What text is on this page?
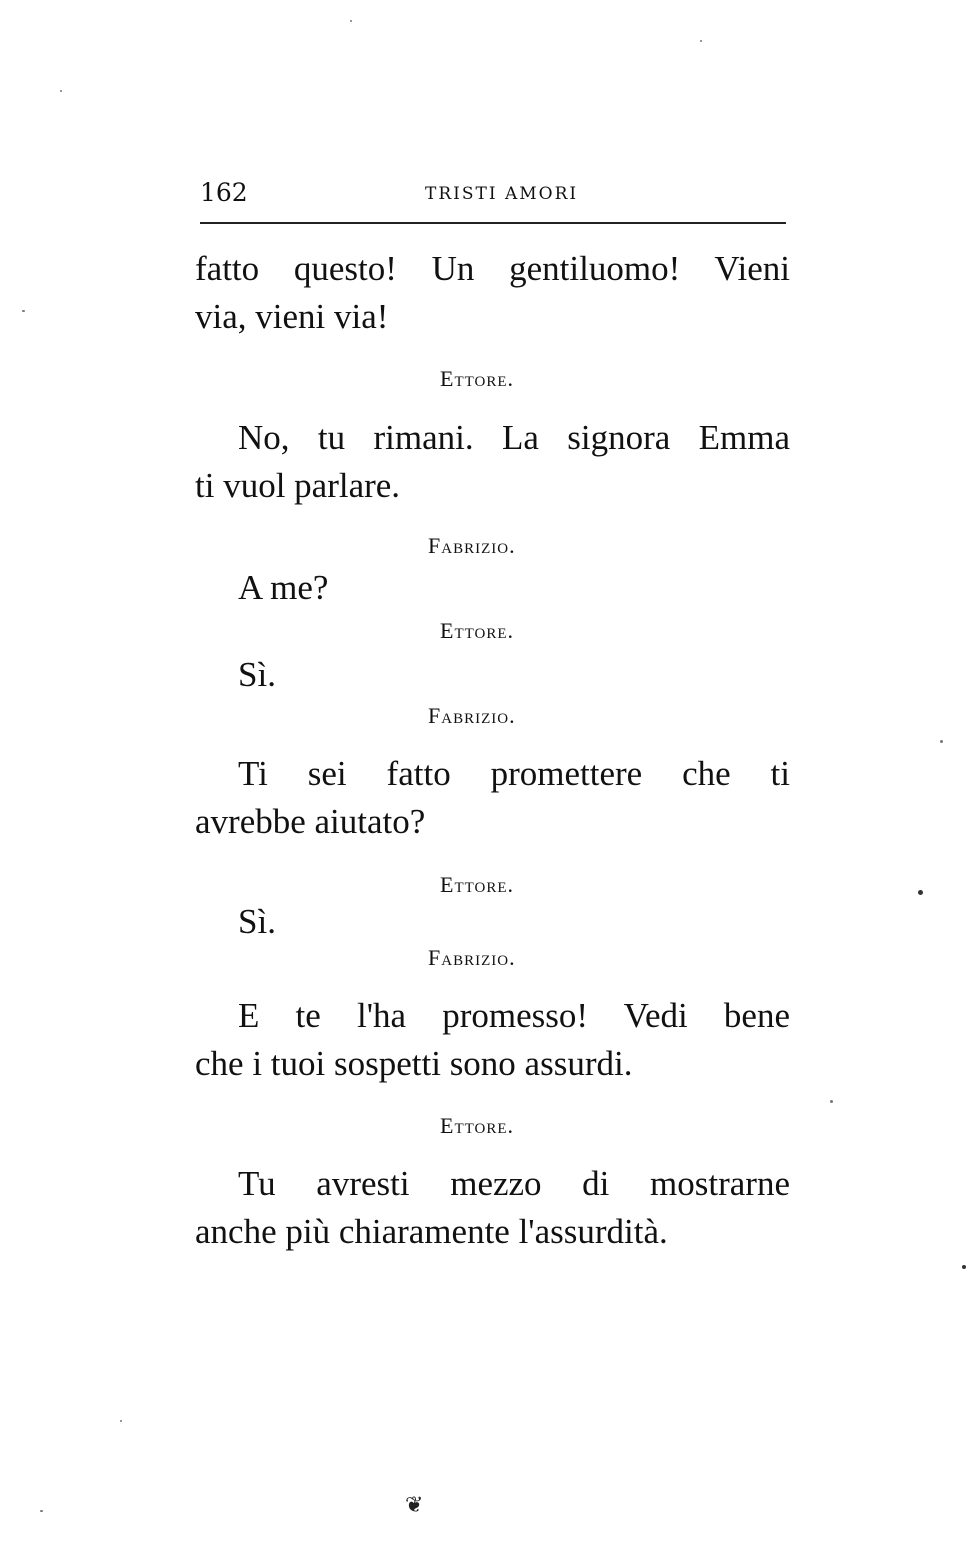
162	TRISTI AMORI
fatto questo! Un gentiluomo! Vieni
via, vieni via!
Ettore.
No, tu rimani. La signora Emma
ti vuol parlare.
Fabrizio.
A me?
Ettore.
Sì.
Fabrizio.
Ti sei fatto promettere che ti
avrebbe aiutato?
Ettore.
Sì.
Fabrizio.
E te l'ha promesso! Vedi bene
che i tuoi sospetti sono assurdi.
Ettore.
Tu avresti mezzo di mostrarne
anche più chiaramente l'assurdità.
❦
